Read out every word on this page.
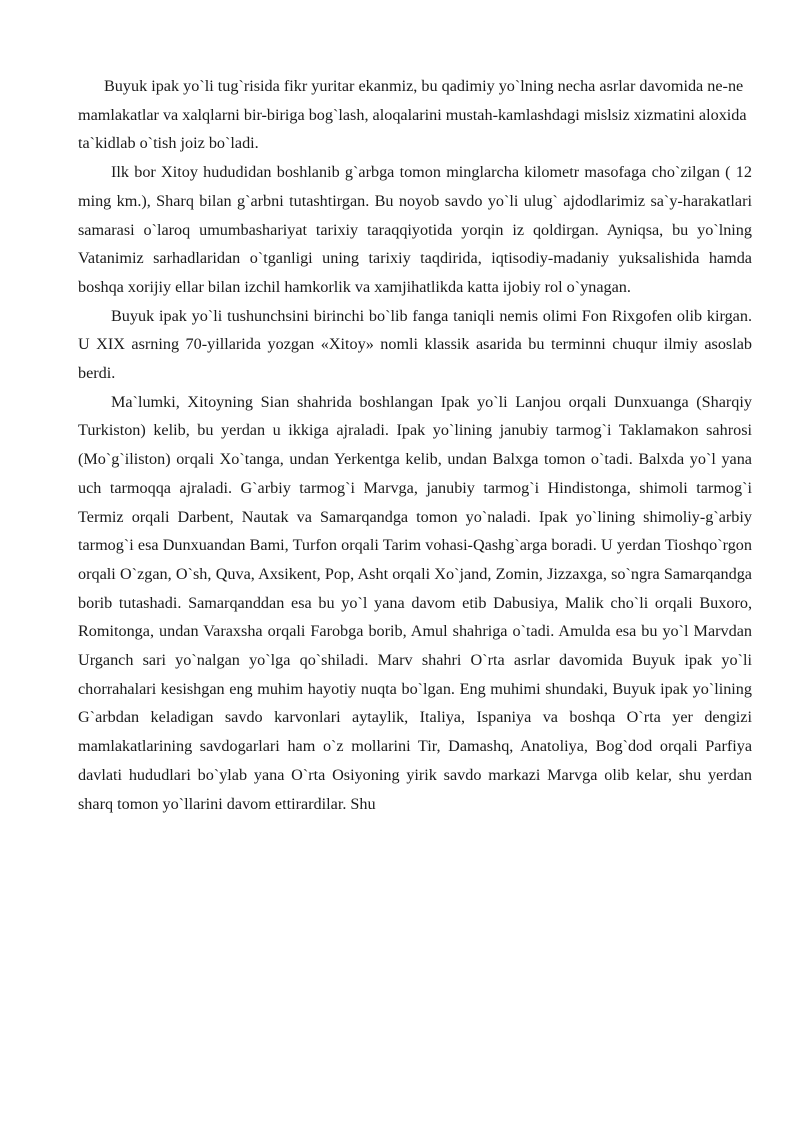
Buyuk ipak yo`li tug`risida fikr yuritar ekanmiz, bu qadimiy yo`lning necha asrlar davomida ne-ne mamlakatlar va xalqlarni bir-biriga bog`lash, aloqalarini mustah-kamlashdagi mislsiz xizmatini aloxida ta`kidlab o`tish joiz bo`ladi.

Ilk bor Xitoy hududidan boshlanib g`arbga tomon minglarcha kilometr masofaga cho`zilgan ( 12 ming km.), Sharq bilan g`arbni tutashtirgan. Bu noyob savdo yo`li ulug` ajdodlarimiz sa`y-harakatlari samarasi o`laroq umumbashariyat tarixiy taraqqiyotida yorqin iz qoldirgan. Ayniqsa, bu yo`lning Vatanimiz sarhadlaridan o`tganligi uning tarixiy taqdirida, iqtisodiy-madaniy yuksalishida hamda boshqa xorijiy ellar bilan izchil hamkorlik va xamjihatlikda katta ijobiy rol o`ynagan.

Buyuk ipak yo`li tushunchsini birinchi bo`lib fanga taniqli nemis olimi Fon Rixgofen olib kirgan. U XIX asrning 70-yillarida yozgan «Xitoy» nomli klassik asarida bu terminni chuqur ilmiy asoslab berdi.

Ma`lumki, Xitoyning Sian shahrida boshlangan Ipak yo`li Lanjou orqali Dunxuanga (Sharqiy Turkiston) kelib, bu yerdan u ikkiga ajraladi. Ipak yo`lining janubiy tarmog`i Taklamakon sahrosi (Mo`g`iliston) orqali Xo`tanga, undan Yerkentga kelib, undan Balxga tomon o`tadi. Balxda yo`l yana uch tarmoqqa ajraladi. G`arbiy tarmog`i Marvga, janubiy tarmog`i Hindistonga, shimoli tarmog`i Termiz orqali Darbent, Nautak va Samarqandga tomon yo`naladi. Ipak yo`lining shimoliy-g`arbiy tarmog`i esa Dunxuandan Bami, Turfon orqali Tarim vohasi-Qashg`arga boradi. U yerdan Tioshqo`rgon orqali O`zgan, O`sh, Quva, Axsikent, Pop, Asht orqali Xo`jand, Zomin, Jizzaxga, so`ngra Samarqandga borib tutashadi. Samarqanddan esa bu yo`l yana davom etib Dabusiya, Malik cho`li orqali Buxoro, Romitonga, undan Varaxsha orqali Farobga borib, Amul shahriga o`tadi. Amulda esa bu yo`l Marvdan Urganch sari yo`nalgan yo`lga qo`shiladi. Marv shahri O`rta asrlar davomida Buyuk ipak yo`li chorrahalari kesishgan eng muhim hayotiy nuqta bo`lgan. Eng muhimi shundaki, Buyuk ipak yo`lining G`arbdan keladigan savdo karvonlari aytaylik, Italiya, Ispaniya va boshqa O`rta yer dengizi mamlakatlarining savdogarlari ham o`z mollarini Tir, Damashq, Anatoliya, Bog`dod orqali Parfiya davlati hududlari bo`ylab yana O`rta Osiyoning yirik savdo markazi Marvga olib kelar, shu yerdan sharq tomon yo`llarini davom ettirardilar. Shu
